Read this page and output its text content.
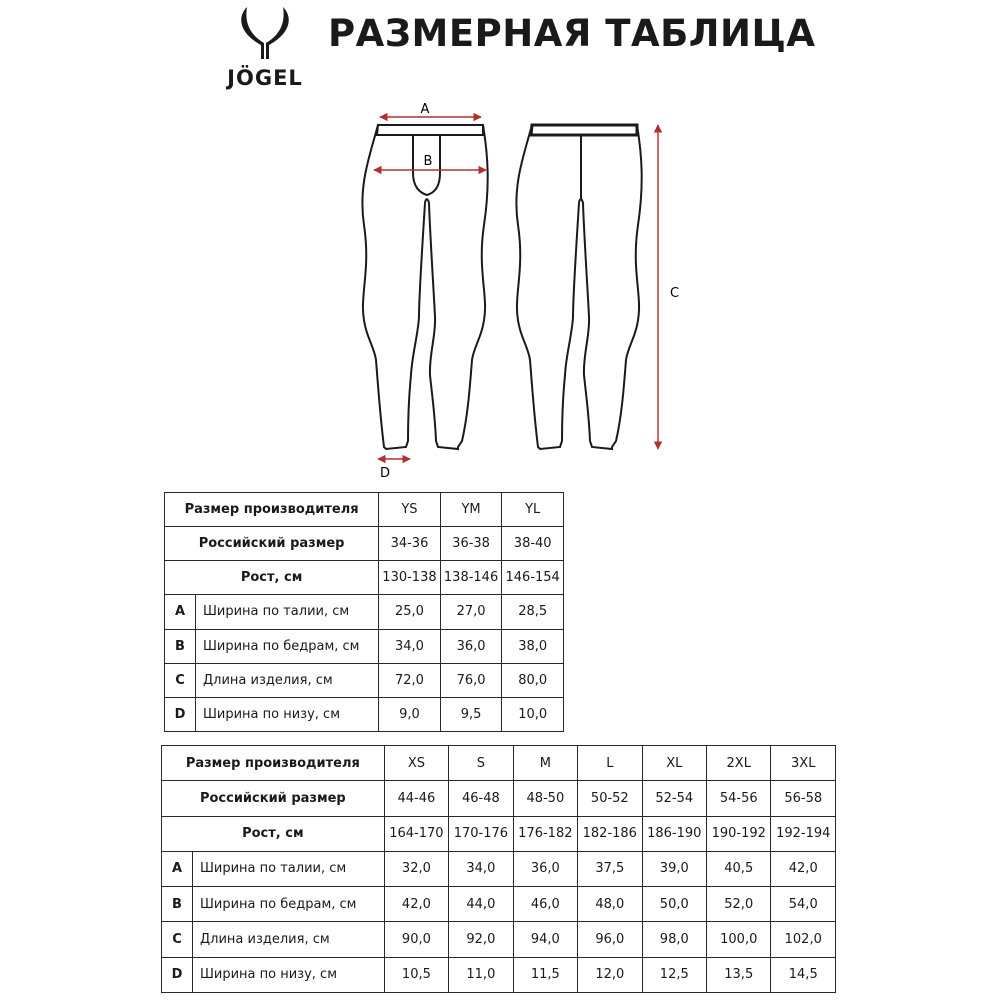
JÖGEL
РАЗМЕРНАЯ ТАБЛИЦА
A
B
C
D
Размер производителя		YS	YM	YL
Российский размер		34-36	36-38	38-40
Рост, см		130-138	138-146	146-154
A	Ширина по талии, см	25,0	27,0	28,5
B	Ширина по бедрам, см	34,0	36,0	38,0
C	Длина изделия, см	72,0	76,0	80,0
D	Ширина по низу, см	9,0	9,5	10,0
Размер производителя		XS	S	M	L	XL	2XL	3XL
Российский размер		44-46	46-48	48-50	50-52	52-54	54-56	56-58
Рост, см		164-170	170-176	176-182	182-186	186-190	190-192	192-194
A	Ширина по талии, см	32,0	34,0	36,0	37,5	39,0	40,5	42,0
B	Ширина по бедрам, см	42,0	44,0	46,0	48,0	50,0	52,0	54,0
C	Длина изделия, см	90,0	92,0	94,0	96,0	98,0	100,0	102,0
D	Ширина по низу, см	10,5	11,0	11,5	12,0	12,5	13,5	14,5
